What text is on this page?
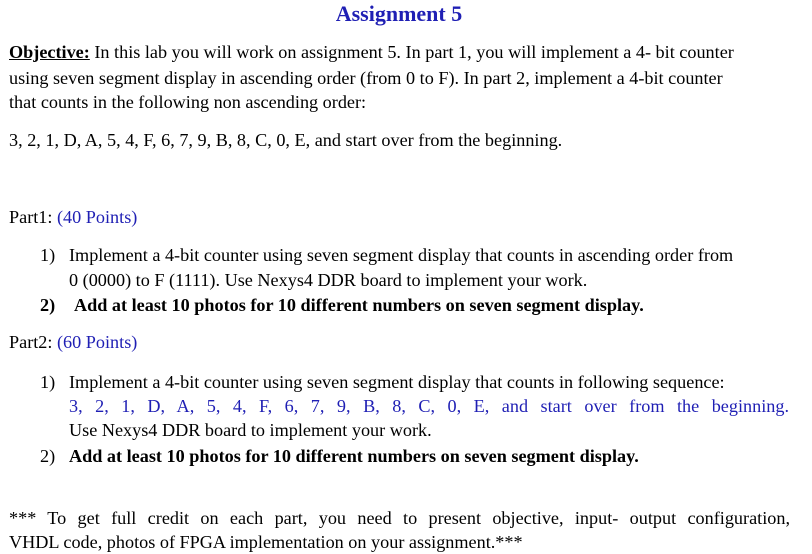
Assignment 5
Objective: In this lab you will work on assignment 5. In part 1, you will implement a 4- bit counter
using seven segment display in ascending order (from 0 to F). In part 2, implement a 4-bit counter
that counts in the following non ascending order:
3, 2, 1, D, A, 5, 4, F, 6, 7, 9, B, 8, C, 0, E, and start over from the beginning.
Part1: (40 Points)
1) Implement a 4-bit counter using seven segment display that counts in ascending order from
0 (0000) to F (1111). Use Nexys4 DDR board to implement your work.
2) Add at least 10 photos for 10 different numbers on seven segment display.
Part2: (60 Points)
1) Implement a 4-bit counter using seven segment display that counts in following sequence:
3, 2, 1, D, A, 5, 4, F, 6, 7, 9, B, 8, C, 0, E, and start over from the beginning.
Use Nexys4 DDR board to implement your work.
2) Add at least 10 photos for 10 different numbers on seven segment display.
*** To get full credit on each part, you need to present objective, input- output configuration,
VHDL code, photos of FPGA implementation on your assignment.***
